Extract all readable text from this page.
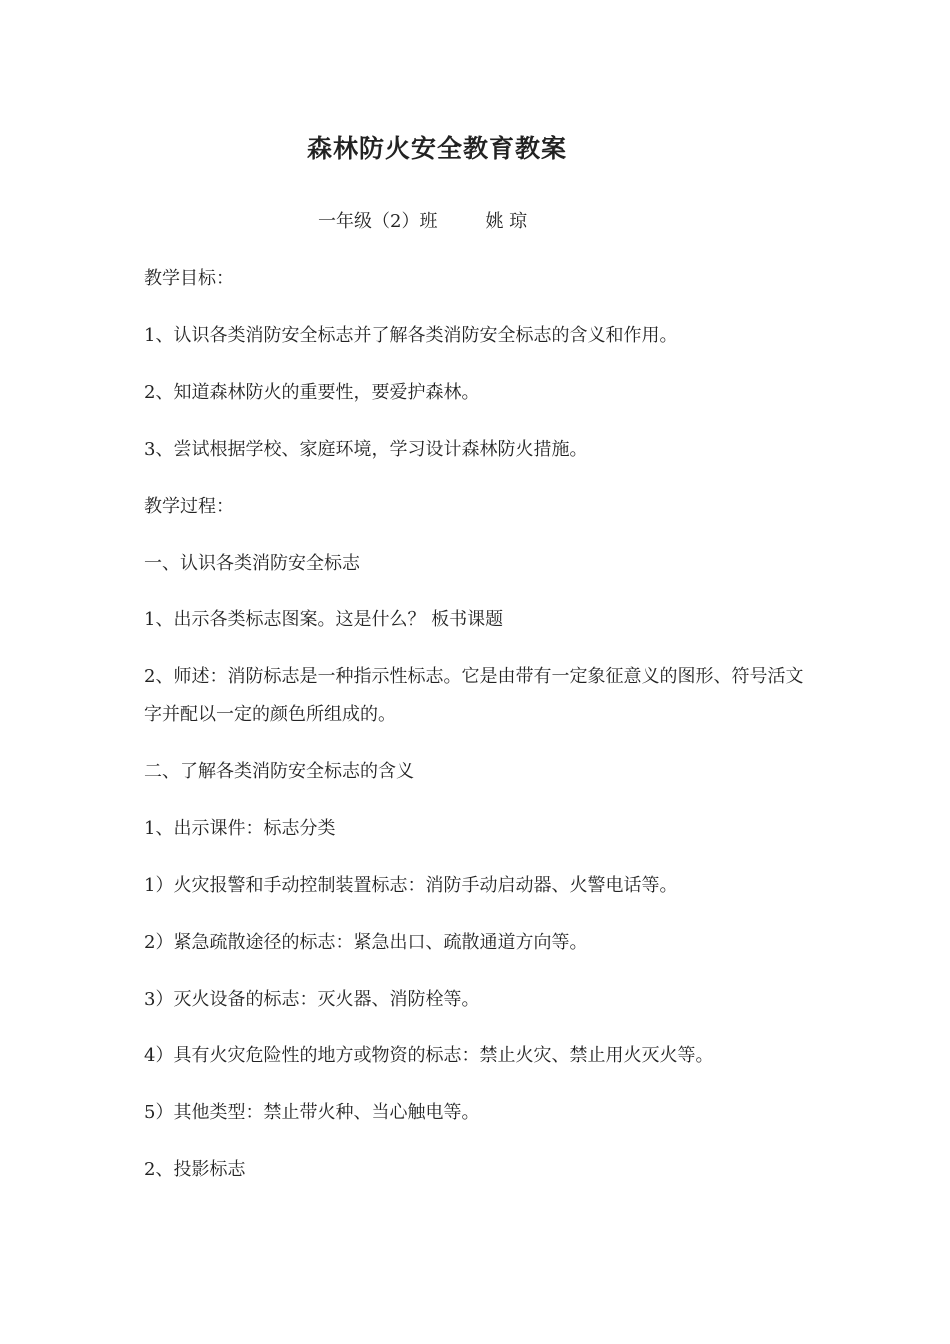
森林防火安全教育教案
一年级（2）班	姚 琼
教学目标：
1、认识各类消防安全标志并了解各类消防安全标志的含义和作用。
2、知道森林防火的重要性，要爱护森林。
3、尝试根据学校、家庭环境，学习设计森林防火措施。
教学过程：
一、认识各类消防安全标志
1、出示各类标志图案。这是什么？ 板书课题
2、师述：消防标志是一种指示性标志。它是由带有一定象征意义的图形、符号活文字并配以一定的颜色所组成的。
二、了解各类消防安全标志的含义
1、出示课件：标志分类
1）火灾报警和手动控制装置标志：消防手动启动器、火警电话等。
2）紧急疏散途径的标志：紧急出口、疏散通道方向等。
3）灭火设备的标志：灭火器、消防栓等。
4）具有火灾危险性的地方或物资的标志：禁止火灾、禁止用火灭火等。
5）其他类型：禁止带火种、当心触电等。
2、投影标志
